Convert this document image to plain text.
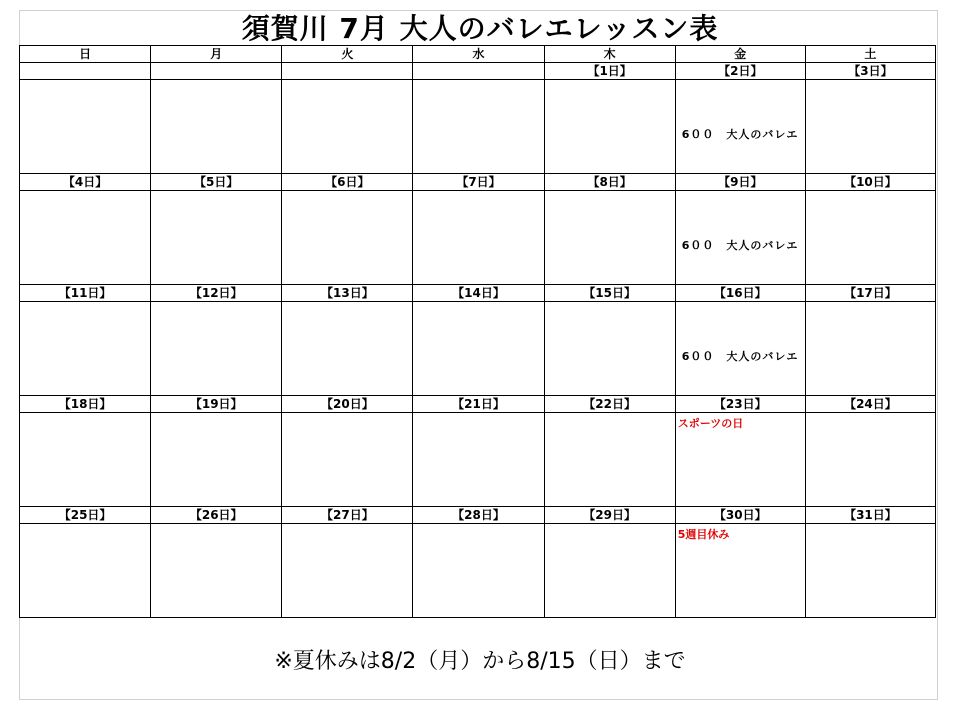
須賀川 7月 大人のバレエレッスン表
日	月	火	水	木	金	土
				【1日】	【2日】	【3日】

					6００　大人のバレエ	

【4日】	【5日】	【6日】	【7日】	【8日】	【9日】	【10日】

					6００　大人のバレエ	

【11日】	【12日】	【13日】	【14日】	【15日】	【16日】	【17日】

					6００　大人のバレエ	

【18日】	【19日】	【20日】	【21日】	【22日】	【23日】	【24日】

					スポーツの日	

【25日】	【26日】	【27日】	【28日】	【29日】	【30日】	【31日】

					5週目休み	

※夏休みは8/2（月）から8/15（日）まで
